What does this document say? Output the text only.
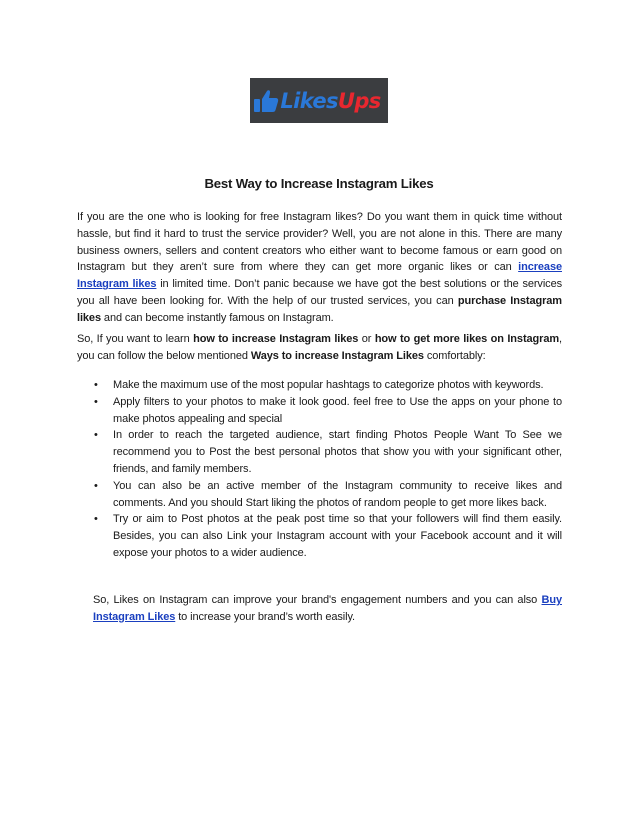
LikesUps
Best Way to Increase Instagram Likes

If you are the one who is looking for free Instagram likes? Do you want them in quick time without hassle, but find it hard to trust the service provider? Well, you are not alone in this. There are many business owners, sellers and content creators who either want to become famous or earn good on Instagram but they aren’t sure from where they can get more organic likes or can increase Instagram likes in limited time. Don’t panic because we have got the best solutions or the services you all have been looking for. With the help of our trusted services, you can purchase Instagram likes and can become instantly famous on Instagram.

So, If you want to learn how to increase Instagram likes or how to get more likes on Instagram, you can follow the below mentioned Ways to increase Instagram Likes comfortably:

• Make the maximum use of the most popular hashtags to categorize photos with keywords.

• Apply filters to your photos to make it look good. feel free to Use the apps on your phone to make photos appealing and special

• In order to reach the targeted audience, start finding Photos People Want To See we recommend you to Post the best personal photos that show you with your significant other, friends, and family members.

• You can also be an active member of the Instagram community to receive likes and comments. And you should Start liking the photos of random people to get more likes back.

• Try or aim to Post photos at the peak post time so that your followers will find them easily. Besides, you can also Link your Instagram account with your Facebook account and it will expose your photos to a wider audience.

So, Likes on Instagram can improve your brand's engagement numbers and you can also Buy Instagram Likes to increase your brand’s worth easily.
